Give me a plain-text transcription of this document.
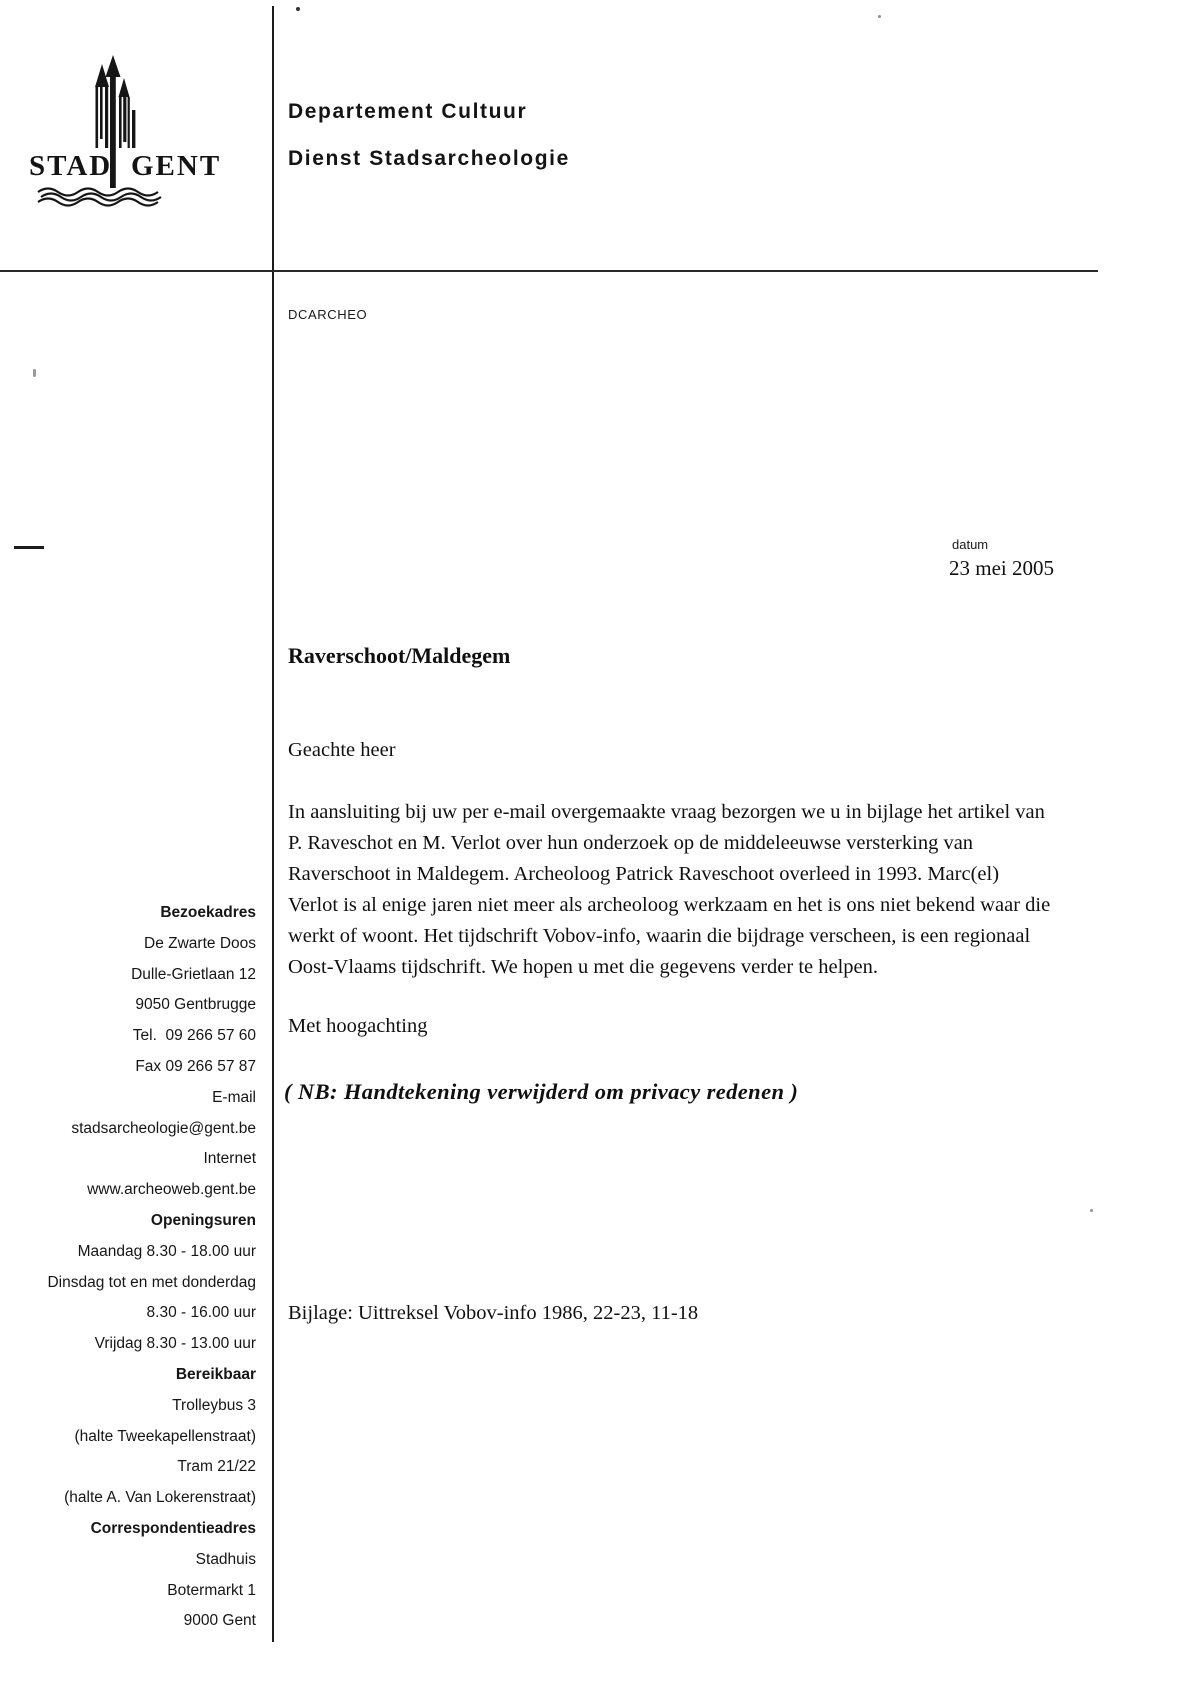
STAD GENT
Departement Cultuur
Dienst Stadsarcheologie
DCARCHEO
datum
23 mei 2005
Raverschoot/Maldegem
Geachte heer
In aansluiting bij uw per e-mail overgemaakte vraag bezorgen we u in bijlage het artikel van
P. Raveschot en M. Verlot over hun onderzoek op de middeleeuwse versterking van
Raverschoot in Maldegem. Archeoloog Patrick Raveschoot overleed in 1993. Marc(el)
Verlot is al enige jaren niet meer als archeoloog werkzaam en het is ons niet bekend waar die
werkt of woont. Het tijdschrift Vobov-info, waarin die bijdrage verscheen, is een regionaal
Oost-Vlaams tijdschrift. We hopen u met die gegevens verder te helpen.
Met hoogachting
( NB: Handtekening verwijderd om privacy redenen )
Bijlage: Uittreksel Vobov-info 1986, 22-23, 11-18
Bezoekadres
De Zwarte Doos
Dulle-Grietlaan 12
9050 Gentbrugge
Tel.  09 266 57 60
Fax 09 266 57 87
E-mail
stadsarcheologie@gent.be
Internet
www.archeoweb.gent.be
Openingsuren
Maandag 8.30 - 18.00 uur
Dinsdag tot en met donderdag
8.30 - 16.00 uur
Vrijdag 8.30 - 13.00 uur
Bereikbaar
Trolleybus 3
(halte Tweekapellenstraat)
Tram 21/22
(halte A. Van Lokerenstraat)
Correspondentieadres
Stadhuis
Botermarkt 1
9000 Gent
